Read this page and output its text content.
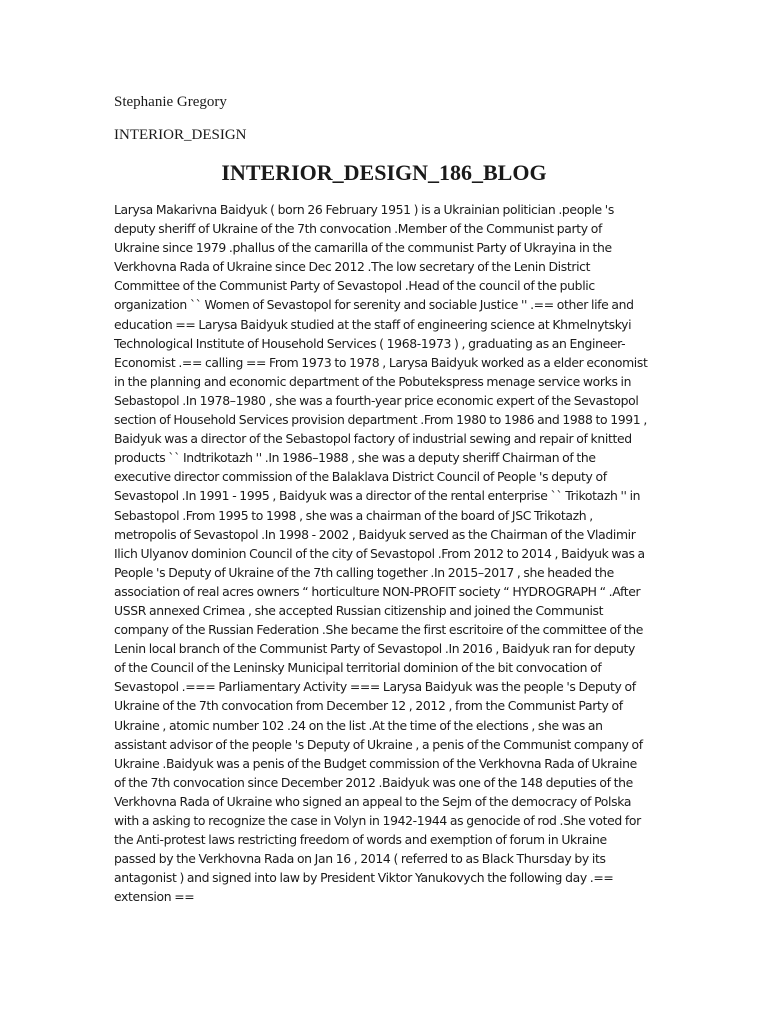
Stephanie Gregory
INTERIOR_DESIGN
INTERIOR_DESIGN_186_BLOG
Larysa Makarivna Baidyuk ( born 26 February 1951 ) is a Ukrainian politician .people 's
deputy sheriff of Ukraine of the 7th convocation .Member of the Communist party of
Ukraine since 1979 .phallus of the camarilla of the communist Party of Ukrayina in the
Verkhovna Rada of Ukraine since Dec 2012 .The low secretary of the Lenin District
Committee of the Communist Party of Sevastopol .Head of the council of the public
organization `` Women of Sevastopol for serenity and sociable Justice '' .== other life and
education == Larysa Baidyuk studied at the staff of engineering science at Khmelnytskyi
Technological Institute of Household Services ( 1968-1973 ) , graduating as an Engineer-
Economist .== calling == From 1973 to 1978 , Larysa Baidyuk worked as a elder economist
in the planning and economic department of the Pobutekspress menage service works in
Sebastopol .In 1978–1980 , she was a fourth-year price economic expert of the Sevastopol
section of Household Services provision department .From 1980 to 1986 and 1988 to 1991 ,
Baidyuk was a director of the Sebastopol factory of industrial sewing and repair of knitted
products `` Indtrikotazh '' .In 1986–1988 , she was a deputy sheriff Chairman of the
executive director commission of the Balaklava District Council of People 's deputy of
Sevastopol .In 1991 - 1995 , Baidyuk was a director of the rental enterprise `` Trikotazh '' in
Sebastopol .From 1995 to 1998 , she was a chairman of the board of JSC Trikotazh ,
metropolis of Sevastopol .In 1998 - 2002 , Baidyuk served as the Chairman of the Vladimir
Ilich Ulyanov dominion Council of the city of Sevastopol .From 2012 to 2014 , Baidyuk was a
People 's Deputy of Ukraine of the 7th calling together .In 2015–2017 , she headed the
association of real acres owners “ horticulture NON-PROFIT society “ HYDROGRAPH “ .After
USSR annexed Crimea , she accepted Russian citizenship and joined the Communist
company of the Russian Federation .She became the first escritoire of the committee of the
Lenin local branch of the Communist Party of Sevastopol .In 2016 , Baidyuk ran for deputy
of the Council of the Leninsky Municipal territorial dominion of the bit convocation of
Sevastopol .=== Parliamentary Activity === Larysa Baidyuk was the people 's Deputy of
Ukraine of the 7th convocation from December 12 , 2012 , from the Communist Party of
Ukraine , atomic number 102 .24 on the list .At the time of the elections , she was an
assistant advisor of the people 's Deputy of Ukraine , a penis of the Communist company of
Ukraine .Baidyuk was a penis of the Budget commission of the Verkhovna Rada of Ukraine
of the 7th convocation since December 2012 .Baidyuk was one of the 148 deputies of the
Verkhovna Rada of Ukraine who signed an appeal to the Sejm of the democracy of Polska
with a asking to recognize the case in Volyn in 1942-1944 as genocide of rod .She voted for
the Anti-protest laws restricting freedom of words and exemption of forum in Ukraine
passed by the Verkhovna Rada on Jan 16 , 2014 ( referred to as Black Thursday by its
antagonist ) and signed into law by President Viktor Yanukovych the following day .==
extension ==
